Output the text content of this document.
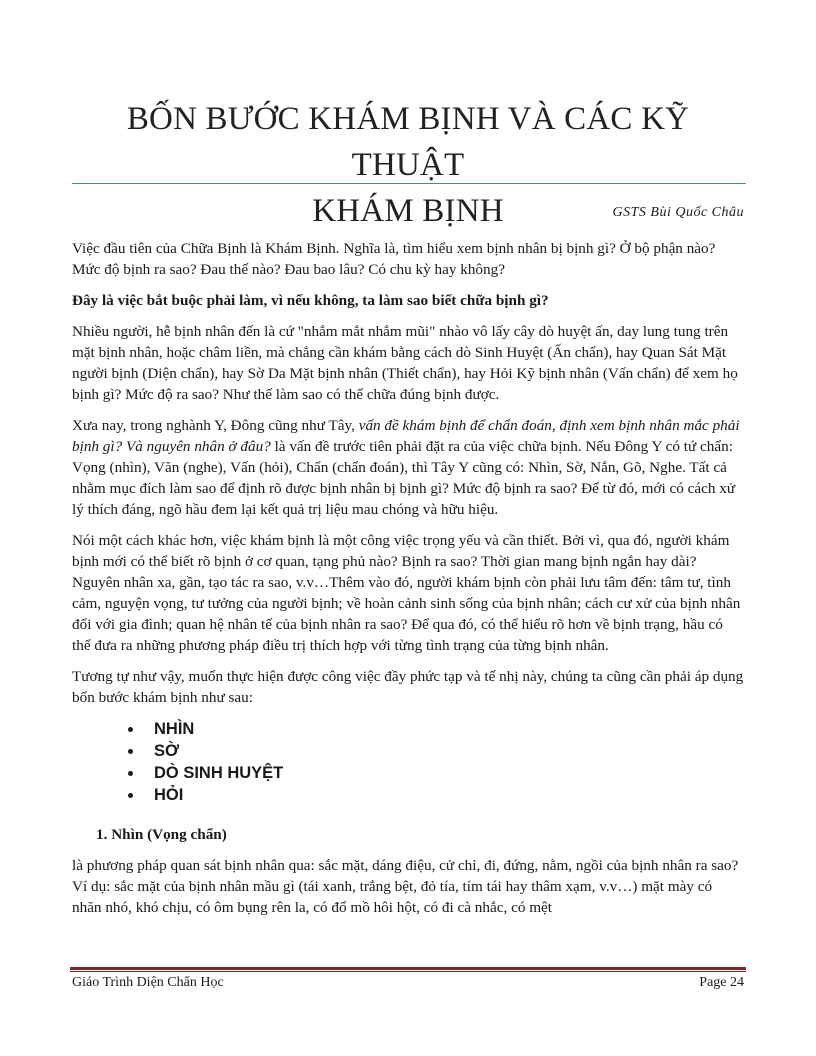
BỐN BƯỚC KHÁM BỊNH VÀ CÁC KỸ THUẬT
KHÁM BỊNH	GSTS Bùi Quốc Châu

Việc đầu tiên của Chữa Bịnh là Khám Bịnh. Nghĩa là, tìm hiểu xem bịnh nhân bị bịnh gì? Ở bộ phận nào? Mức độ bịnh ra sao? Đau thế nào? Đau bao lâu? Có chu kỳ hay không?

Đây là việc bắt buộc phải làm, vì nếu không, ta làm sao biết chữa bịnh gì?

Nhiều người, hễ bịnh nhân đến là cứ "nhắm mắt nhắm mũi" nhào vô lấy cây dò huyệt ấn, day lung tung trên mặt bịnh nhân, hoặc châm liền, mà chẳng cần khám bằng cách dò Sinh Huyệt (Ấn chẩn), hay Quan Sát Mặt người bịnh (Diện chẩn), hay Sờ Da Mặt bịnh nhân (Thiết chẩn), hay Hỏi Kỹ bịnh nhân (Vấn chẩn) để xem họ bịnh gì? Mức độ ra sao? Như thế làm sao có thể chữa đúng bịnh được.

Xưa nay, trong nghành Y, Đông cũng như Tây, vấn đề khám bịnh để chẩn đoán, định xem bịnh nhân mắc phải bịnh gì? Và nguyên nhân ở đâu? là vấn đề trước tiên phải đặt ra của việc chữa bịnh. Nếu Đông Y có tứ chẩn: Vọng (nhìn), Văn (nghe), Vấn (hỏi), Chẩn (chẩn đoán), thì Tây Y cũng có: Nhìn, Sờ, Nắn, Gõ, Nghe. Tất cả nhằm mục đích làm sao để định rõ được bịnh nhân bị bịnh gì? Mức độ bịnh ra sao? Để từ đó, mới có cách xử lý thích đáng, ngõ hầu đem lại kết quả trị liệu mau chóng và hữu hiệu.

Nói một cách khác hơn, việc khám bịnh là một công việc trọng yếu và cần thiết. Bởi vì, qua đó, người khám bịnh mới có thể biết rõ bịnh ở cơ quan, tạng phủ nào? Bịnh ra sao? Thời gian mang bịnh ngắn hay dài? Nguyên nhân xa, gần, tạo tác ra sao, v.v…Thêm vào đó, người khám bịnh còn phải lưu tâm đến: tâm tư, tình cảm, nguyện vọng, tư tưởng của người bịnh; về hoàn cảnh sinh sống của bịnh nhân; cách cư xử của bịnh nhân đối với gia đình; quan hệ nhân tế của bịnh nhân ra sao? Để qua đó, có thể hiểu rõ hơn về bịnh trạng, hầu có thể đưa ra những phương pháp điều trị thích hợp với từng tình trạng của từng bịnh nhân.

Tương tự như vậy, muốn thực hiện được công việc đầy phức tạp và tế nhị này, chúng ta cũng cần phải áp dụng bốn bước khám bịnh như sau:

• NHÌN
• SỜ
• DÒ SINH HUYỆT
• HỎI

1. Nhìn (Vọng chẩn)

là phương pháp quan sát bịnh nhân qua: sắc mặt, dáng điệu, cử chỉ, đi, đứng, nằm, ngồi của bịnh nhân ra sao? Ví dụ: sắc mặt của bịnh nhân mầu gì (tái xanh, trắng bệt, đỏ tía, tím tái hay thâm xạm, v.v…) mặt mày có nhăn nhó, khó chịu, có ôm bụng rên la, có đổ mồ hôi hột, có đi cà nhắc, có mệt

Giáo Trình Diện Chẩn Học	Page 24
